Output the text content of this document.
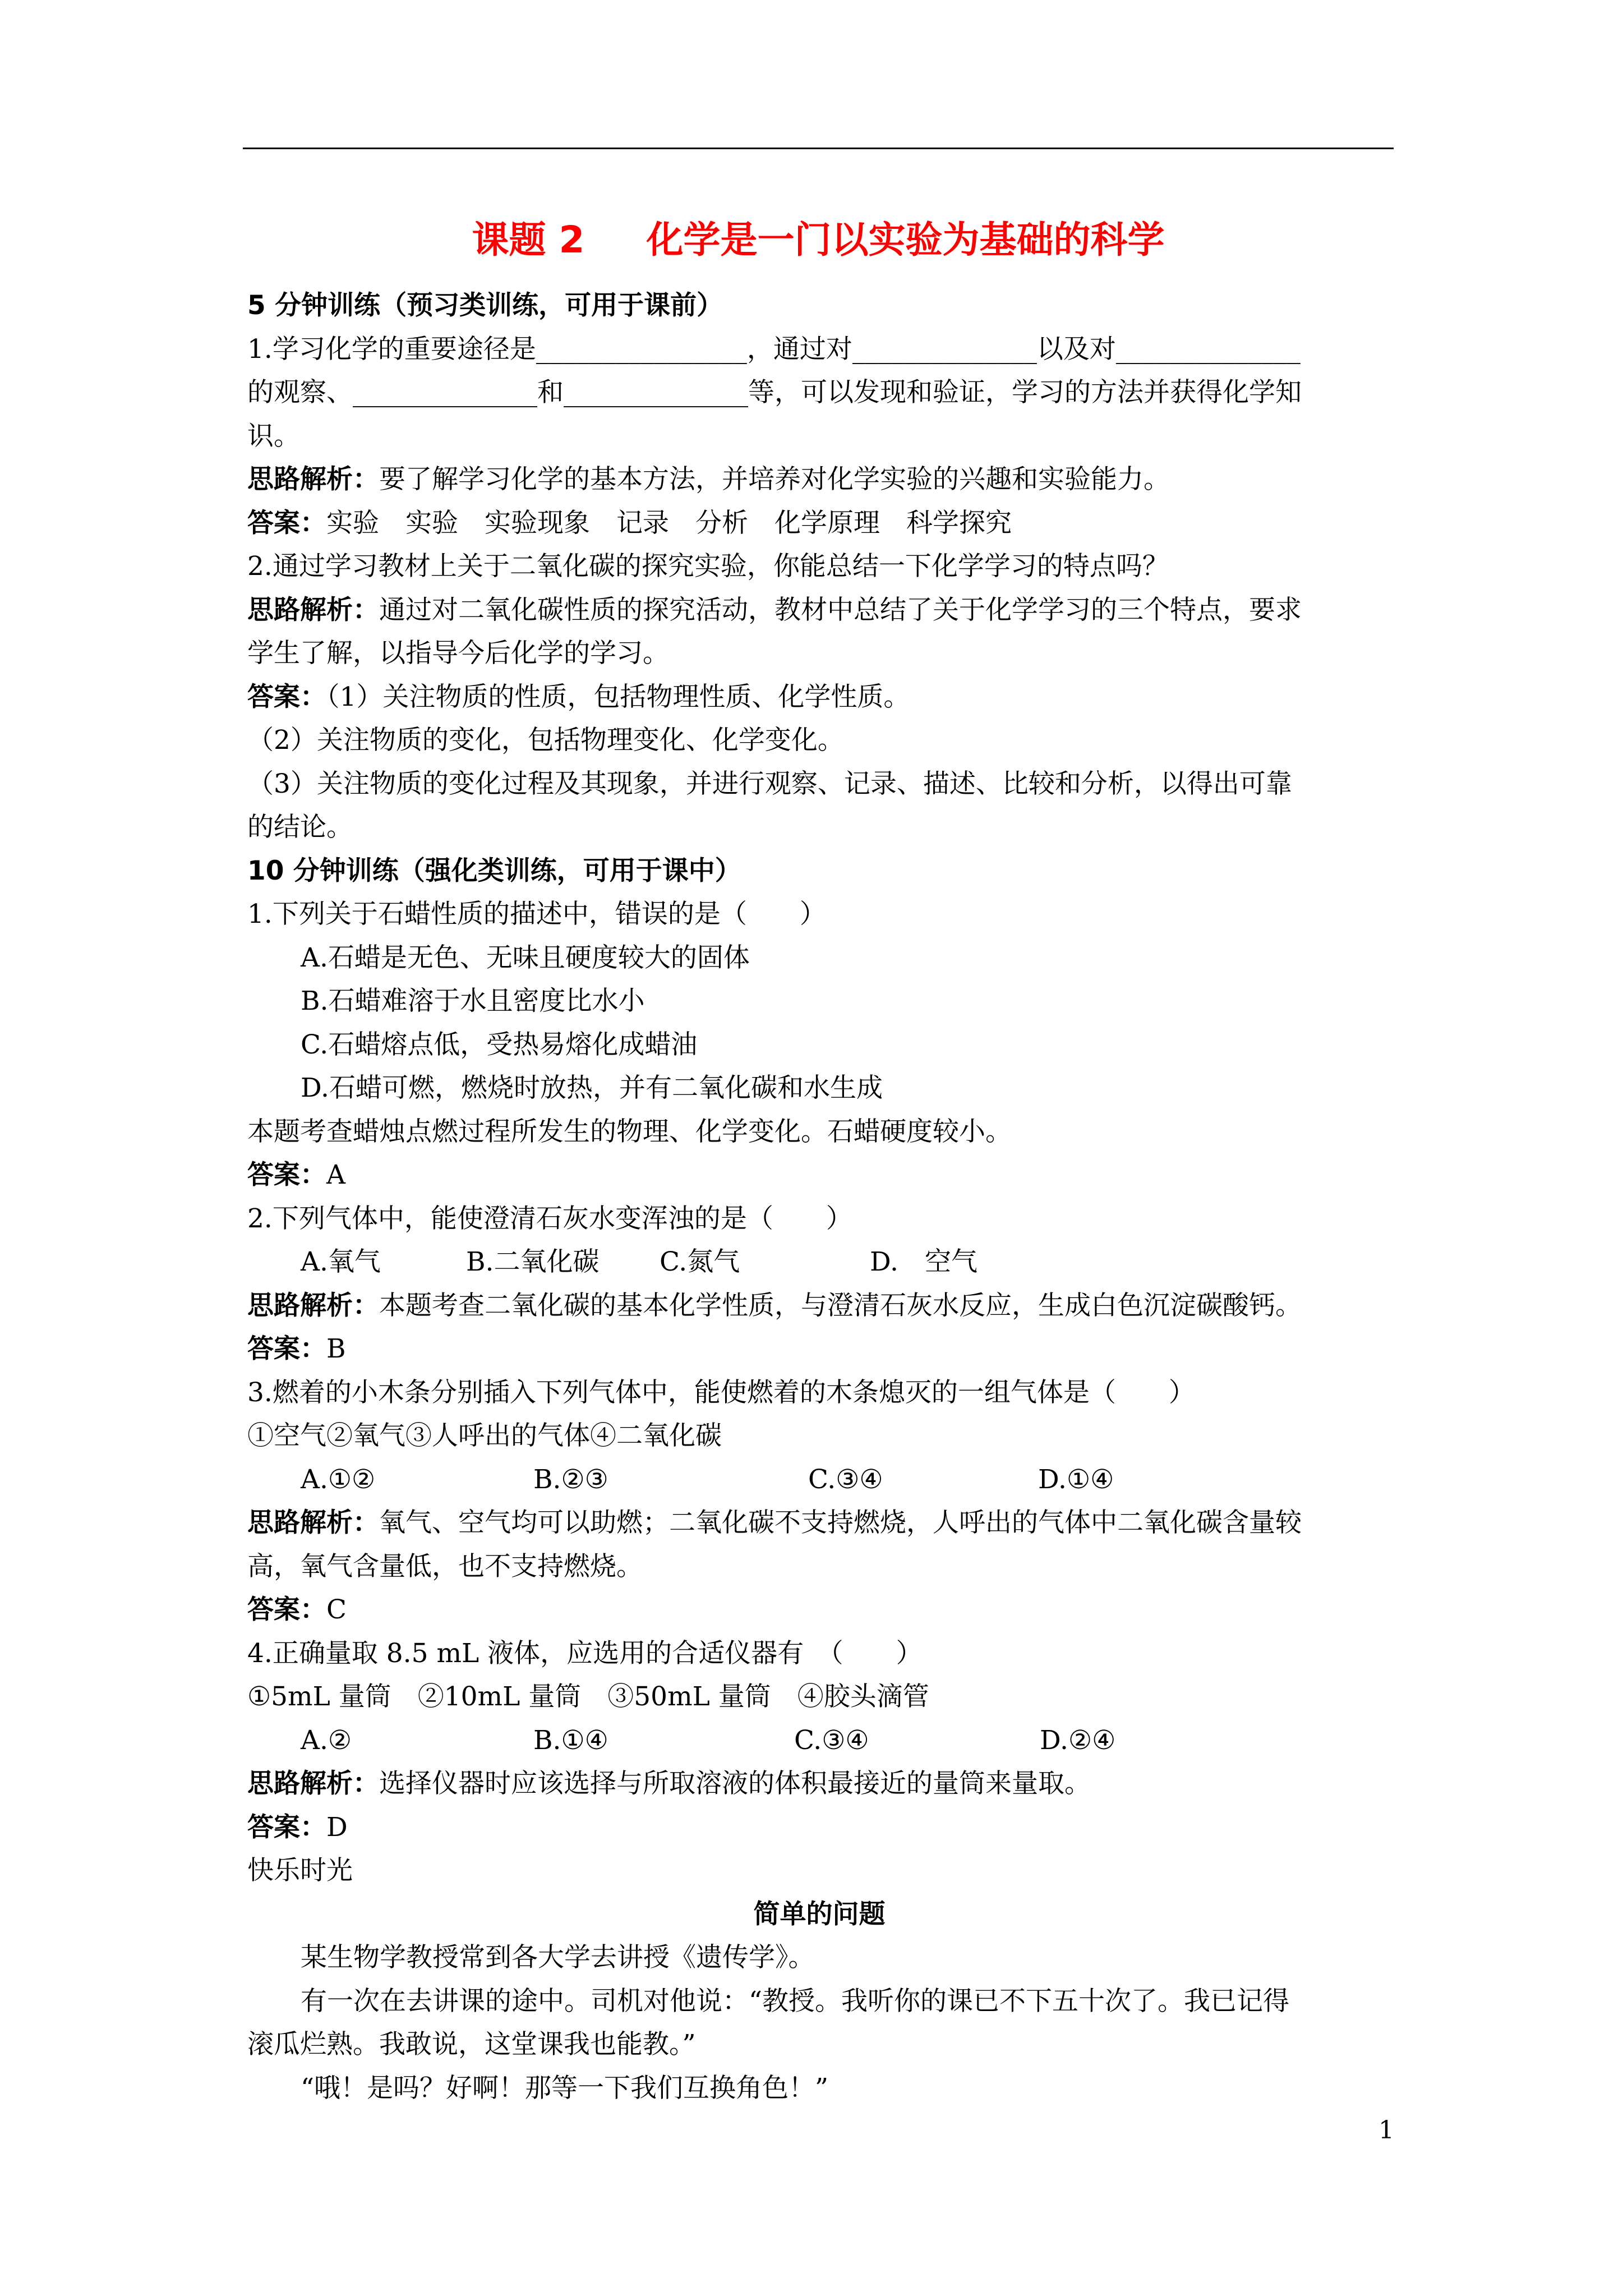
课题 2 化学是一门以实验为基础的科学

5 分钟训练（预习类训练，可用于课前）

1.学习化学的重要途径是________________，通过对______________以及对______________

的观察、______________和______________等，可以发现和验证，学习的方法并获得化学知

识。

思路解析：要了解学习化学的基本方法，并培养对化学实验的兴趣和实验能力。

答案：实验　实验　实验现象　记录　分析　化学原理　科学探究

2.通过学习教材上关于二氧化碳的探究实验，你能总结一下化学学习的特点吗？

思路解析：通过对二氧化碳性质的探究活动，教材中总结了关于化学学习的三个特点，要求

学生了解，以指导今后化学的学习。

答案：（1）关注物质的性质，包括物理性质、化学性质。

（2）关注物质的变化，包括物理变化、化学变化。

（3）关注物质的变化过程及其现象，并进行观察、记录、描述、比较和分析，以得出可靠

的结论。

10 分钟训练（强化类训练，可用于课中）

1.下列关于石蜡性质的描述中，错误的是（　　）

A.石蜡是无色、无味且硬度较大的固体

B.石蜡难溶于水且密度比水小

C.石蜡熔点低，受热易熔化成蜡油

D.石蜡可燃，燃烧时放热，并有二氧化碳和水生成

本题考查蜡烛点燃过程所发生的物理、化学变化。石蜡硬度较小。

答案：A

2.下列气体中，能使澄清石灰水变浑浊的是（　　）

A.氧气	B.二氧化碳	C.氮气	D.　空气

思路解析：本题考查二氧化碳的基本化学性质，与澄清石灰水反应，生成白色沉淀碳酸钙。

答案：B

3.燃着的小木条分别插入下列气体中，能使燃着的木条熄灭的一组气体是（　　）

①空气②氧气③人呼出的气体④二氧化碳

A.①②	B.②③	C.③④	D.①④

思路解析：氧气、空气均可以助燃；二氧化碳不支持燃烧，人呼出的气体中二氧化碳含量较

高，氧气含量低，也不支持燃烧。

答案：C

4.正确量取 8.5 mL 液体，应选用的合适仪器有　（　　）

①5mL 量筒　②10mL 量筒　③50mL 量筒　④胶头滴管

A.②	B.①④	C.③④	D.②④

思路解析：选择仪器时应该选择与所取溶液的体积最接近的量筒来量取。

答案：D

快乐时光

简单的问题

某生物学教授常到各大学去讲授《遗传学》。

有一次在去讲课的途中。司机对他说：“教授。我听你的课已不下五十次了。我已记得

滚瓜烂熟。我敢说，这堂课我也能教。”

“哦！是吗？好啊！那等一下我们互换角色！”

1
